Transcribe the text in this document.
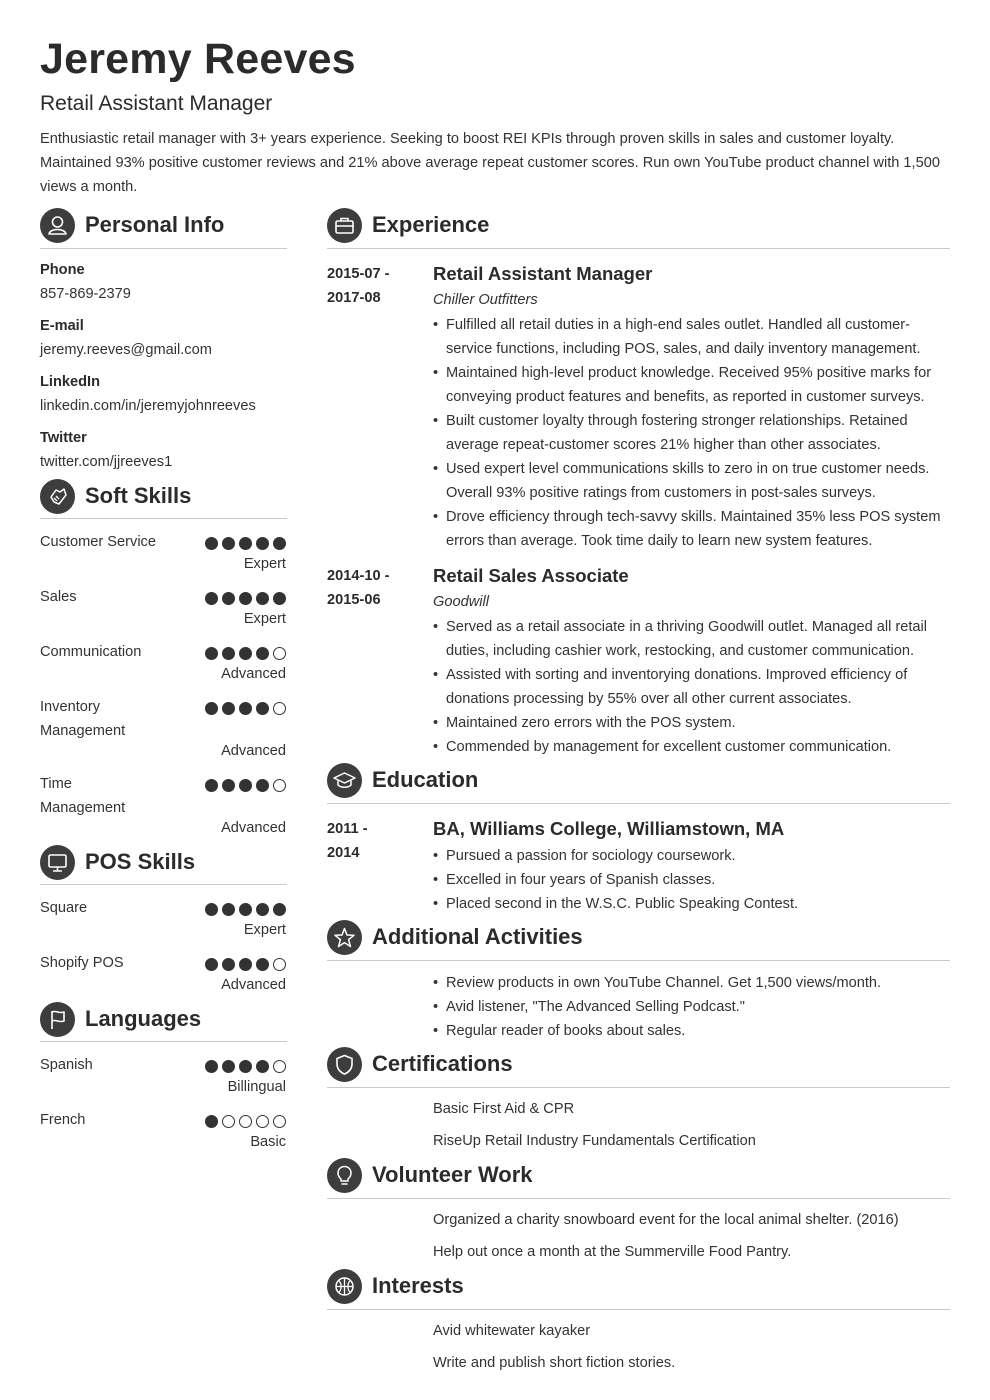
Jeremy Reeves
Retail Assistant Manager
Enthusiastic retail manager with 3+ years experience. Seeking to boost REI KPIs through proven skills in sales and customer loyalty. Maintained 93% positive customer reviews and 21% above average repeat customer scores. Run own YouTube product channel with 1,500 views a month.
Personal Info
Phone
857-869-2379
E-mail
jeremy.reeves@gmail.com
LinkedIn
linkedin.com/in/jeremyjohnreeves
Twitter
twitter.com/jjreeves1
Soft Skills
Customer Service
Expert
Sales
Expert
Communication
Advanced
Inventory Management
Advanced
Time Management
Advanced
POS Skills
Square
Expert
Shopify POS
Advanced
Languages
Spanish
Billingual
French
Basic
Experience
2015-07 -
2017-08
Retail Assistant Manager
Chiller Outfitters
• Fulfilled all retail duties in a high-end sales outlet. Handled all customer-service functions, including POS, sales, and daily inventory management.
• Maintained high-level product knowledge. Received 95% positive marks for conveying product features and benefits, as reported in customer surveys.
• Built customer loyalty through fostering stronger relationships. Retained average repeat-customer scores 21% higher than other associates.
• Used expert level communications skills to zero in on true customer needs. Overall 93% positive ratings from customers in post-sales surveys.
• Drove efficiency through tech-savvy skills. Maintained 35% less POS system errors than average. Took time daily to learn new system features.
2014-10 -
2015-06
Retail Sales Associate
Goodwill
• Served as a retail associate in a thriving Goodwill outlet. Managed all retail duties, including cashier work, restocking, and customer communication.
• Assisted with sorting and inventorying donations. Improved efficiency of donations processing by 55% over all other current associates.
• Maintained zero errors with the POS system.
• Commended by management for excellent customer communication.
Education
2011 -
2014
BA, Williams College, Williamstown, MA
• Pursued a passion for sociology coursework.
• Excelled in four years of Spanish classes.
• Placed second in the W.S.C. Public Speaking Contest.
Additional Activities
• Review products in own YouTube Channel. Get 1,500 views/month.
• Avid listener, "The Advanced Selling Podcast."
• Regular reader of books about sales.
Certifications
Basic First Aid & CPR
RiseUp Retail Industry Fundamentals Certification
Volunteer Work
Organized a charity snowboard event for the local animal shelter. (2016)
Help out once a month at the Summerville Food Pantry.
Interests
Avid whitewater kayaker
Write and publish short fiction stories.
